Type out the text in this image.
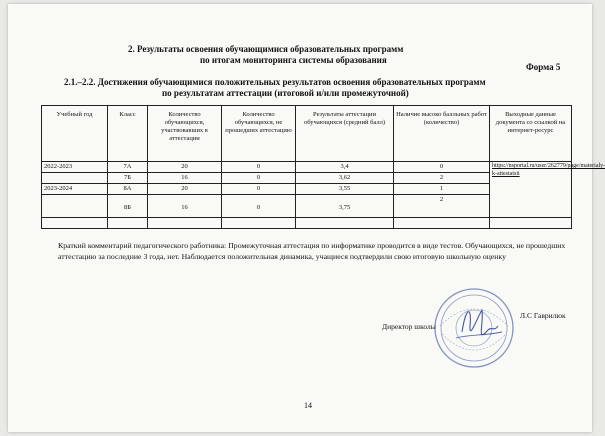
2. Результаты освоения обучающимися образовательных программ
по итогам мониторинга системы образования
Форма 5
2.1.–2.2. Достижения обучающимися положительных результатов освоения образовательных программ
по результатам аттестации (итоговой и/или промежуточной)
Учебный год	Класс	Количество обучающихся, участвовавших в аттестации	Количество обучающихся, не прошедших аттестацию	Результаты аттестации обучающихся (средний балл)	Наличие высоко балльных работ (количество)	Выходные данные документа со ссылкой на интернет-ресурс
2022-2023	7А	20	0	3,4	0	https://nsportal.ru/user/262779/page/materialy-k-attestatsii
	7Б	16	0	3,62	2	
2023-2024	8А	20	0	3,55	1	
	8Б	16	0	3,75	2	

Краткий комментарий педагогического работника: Промежуточная аттестация по информатике проводится в виде тестов. Обучающихся, не прошедших аттестацию за последние 3 года, нет. Наблюдается положительная динамика, учащиеся подтвердили свою итоговую школьную оценку
Директор школы
Л.С Гаврилюк
14
